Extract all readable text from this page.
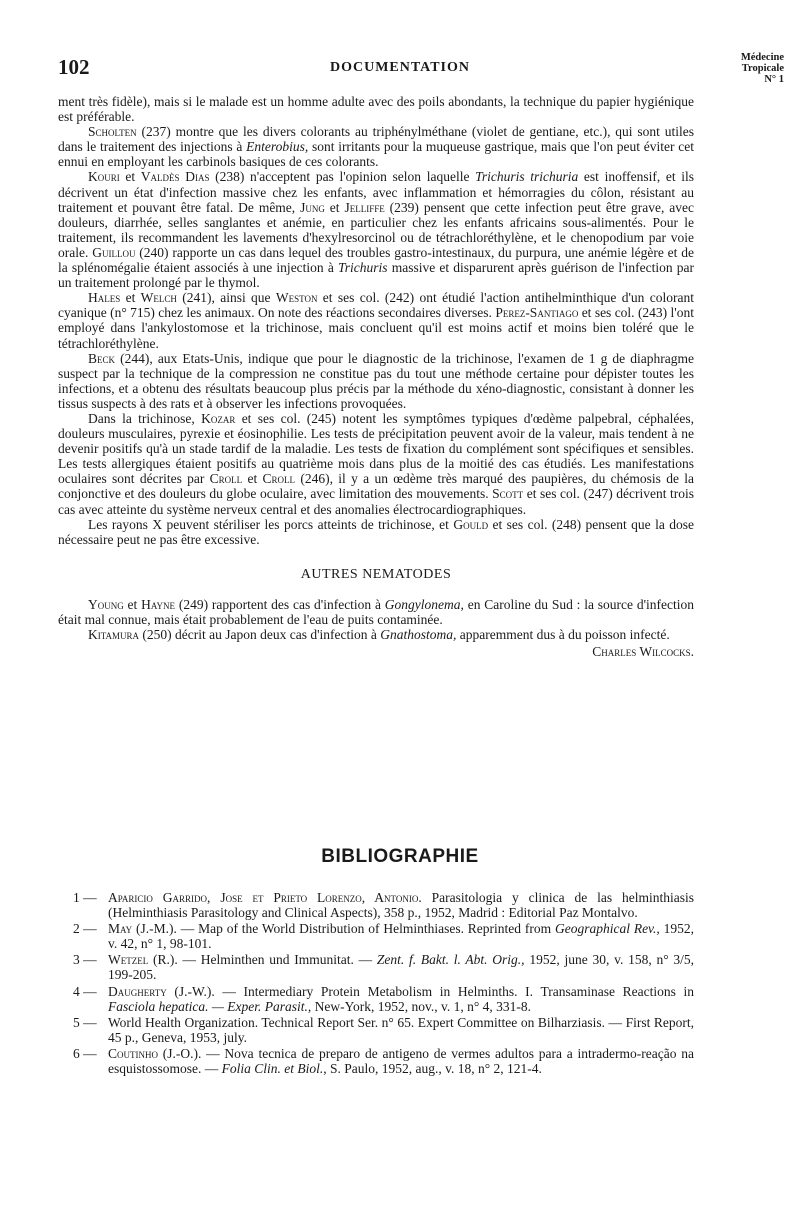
102	DOCUMENTATION
Médecine
Tropicale
N° 1

ment très fidèle), mais si le malade est un homme adulte avec des poils abondants, la technique du papier hygiénique est préférable.

Scholten (237) montre que les divers colorants au triphénylméthane (violet de gentiane, etc.), qui sont utiles dans le traitement des injections à Enterobius, sont irritants pour la muqueuse gastrique, mais que l'on peut éviter cet ennui en employant les carbinols basiques de ces colorants.

Kouri et Valdès Dias (238) n'acceptent pas l'opinion selon laquelle Trichuris trichuria est inoffensif, et ils décrivent un état d'infection massive chez les enfants, avec inflammation et hémorragies du côlon, résistant au traitement et pouvant être fatal. De même, Jung et Jelliffe (239) pensent que cette infection peut être grave, avec douleurs, diarrhée, selles sanglantes et anémie, en particulier chez les enfants africains sous-alimentés. Pour le traitement, ils recommandent les lavements d'hexylresorcinol ou de tétrachloréthylène, et le chenopodium par voie orale. Guillou (240) rapporte un cas dans lequel des troubles gastro-intestinaux, du purpura, une anémie légère et de la splénomégalie étaient associés à une injection à Trichuris massive et disparurent après guérison de l'infection par un traitement prolongé par le thymol.

Hales et Welch (241), ainsi que Weston et ses col. (242) ont étudié l'action antihelminthique d'un colorant cyanique (n° 715) chez les animaux. On note des réactions secondaires diverses. Perez-Santiago et ses col. (243) l'ont employé dans l'ankylostomose et la trichinose, mais concluent qu'il est moins actif et moins bien toléré que le tétrachloréthylène.

Beck (244), aux Etats-Unis, indique que pour le diagnostic de la trichinose, l'examen de 1 g de diaphragme suspect par la technique de la compression ne constitue pas du tout une méthode certaine pour dépister toutes les infections, et a obtenu des résultats beaucoup plus précis par la méthode du xéno-diagnostic, consistant à donner les tissus suspects à des rats et à observer les infections provoquées.

Dans la trichinose, Kozar et ses col. (245) notent les symptômes typiques d'œdème palpebral, céphalées, douleurs musculaires, pyrexie et éosinophilie. Les tests de précipitation peuvent avoir de la valeur, mais tendent à ne devenir positifs qu'à un stade tardif de la maladie. Les tests de fixation du complément sont spécifiques et sensibles. Les tests allergiques étaient positifs au quatrième mois dans plus de la moitié des cas étudiés. Les manifestations oculaires sont décrites par Croll et Croll (246), il y a un œdème très marqué des paupières, du chémosis de la conjonctive et des douleurs du globe oculaire, avec limitation des mouvements. Scott et ses col. (247) décrivent trois cas avec atteinte du système nerveux central et des anomalies électrocardiographiques.

Les rayons X peuvent stériliser les porcs atteints de trichinose, et Gould et ses col. (248) pensent que la dose nécessaire peut ne pas être excessive.

AUTRES NEMATODES

Young et Hayne (249) rapportent des cas d'infection à Gongylonema, en Caroline du Sud : la source d'infection était mal connue, mais était probablement de l'eau de puits contaminée.

Kitamura (250) décrit au Japon deux cas d'infection à Gnathostoma, apparemment dus à du poisson infecté.

Charles Wilcocks.
BIBLIOGRAPHIE
1 — Aparicio Garrido, Jose et Prieto Lorenzo, Antonio. Parasitologia y clinica de las helminthiasis (Helminthiasis Parasitology and Clinical Aspects), 358 p., 1952, Madrid : Editorial Paz Montalvo.
2 — May (J.-M.). — Map of the World Distribution of Helminthiases. Reprinted from Geographical Rev., 1952, v. 42, n° 1, 98-101.
3 — Wetzel (R.). — Helminthen und Immunitat. — Zent. f. Bakt. l. Abt. Orig., 1952, june 30, v. 158, n° 3/5, 199-205.
4 — Daugherty (J.-W.). — Intermediary Protein Metabolism in Helminths. I. Transaminase Reactions in Fasciola hepatica. — Exper. Parasit., New-York, 1952, nov., v. 1, n° 4, 331-8.
5 — World Health Organization. Technical Report Ser. n° 65. Expert Committee on Bilharziasis. — First Report, 45 p., Geneva, 1953, july.
6 — Coutinho (J.-O.). — Nova tecnica de preparo de antigeno de vermes adultos para a intradermo-reação na esquistossomose. — Folia Clin. et Biol., S. Paulo, 1952, aug., v. 18, n° 2, 121-4.
